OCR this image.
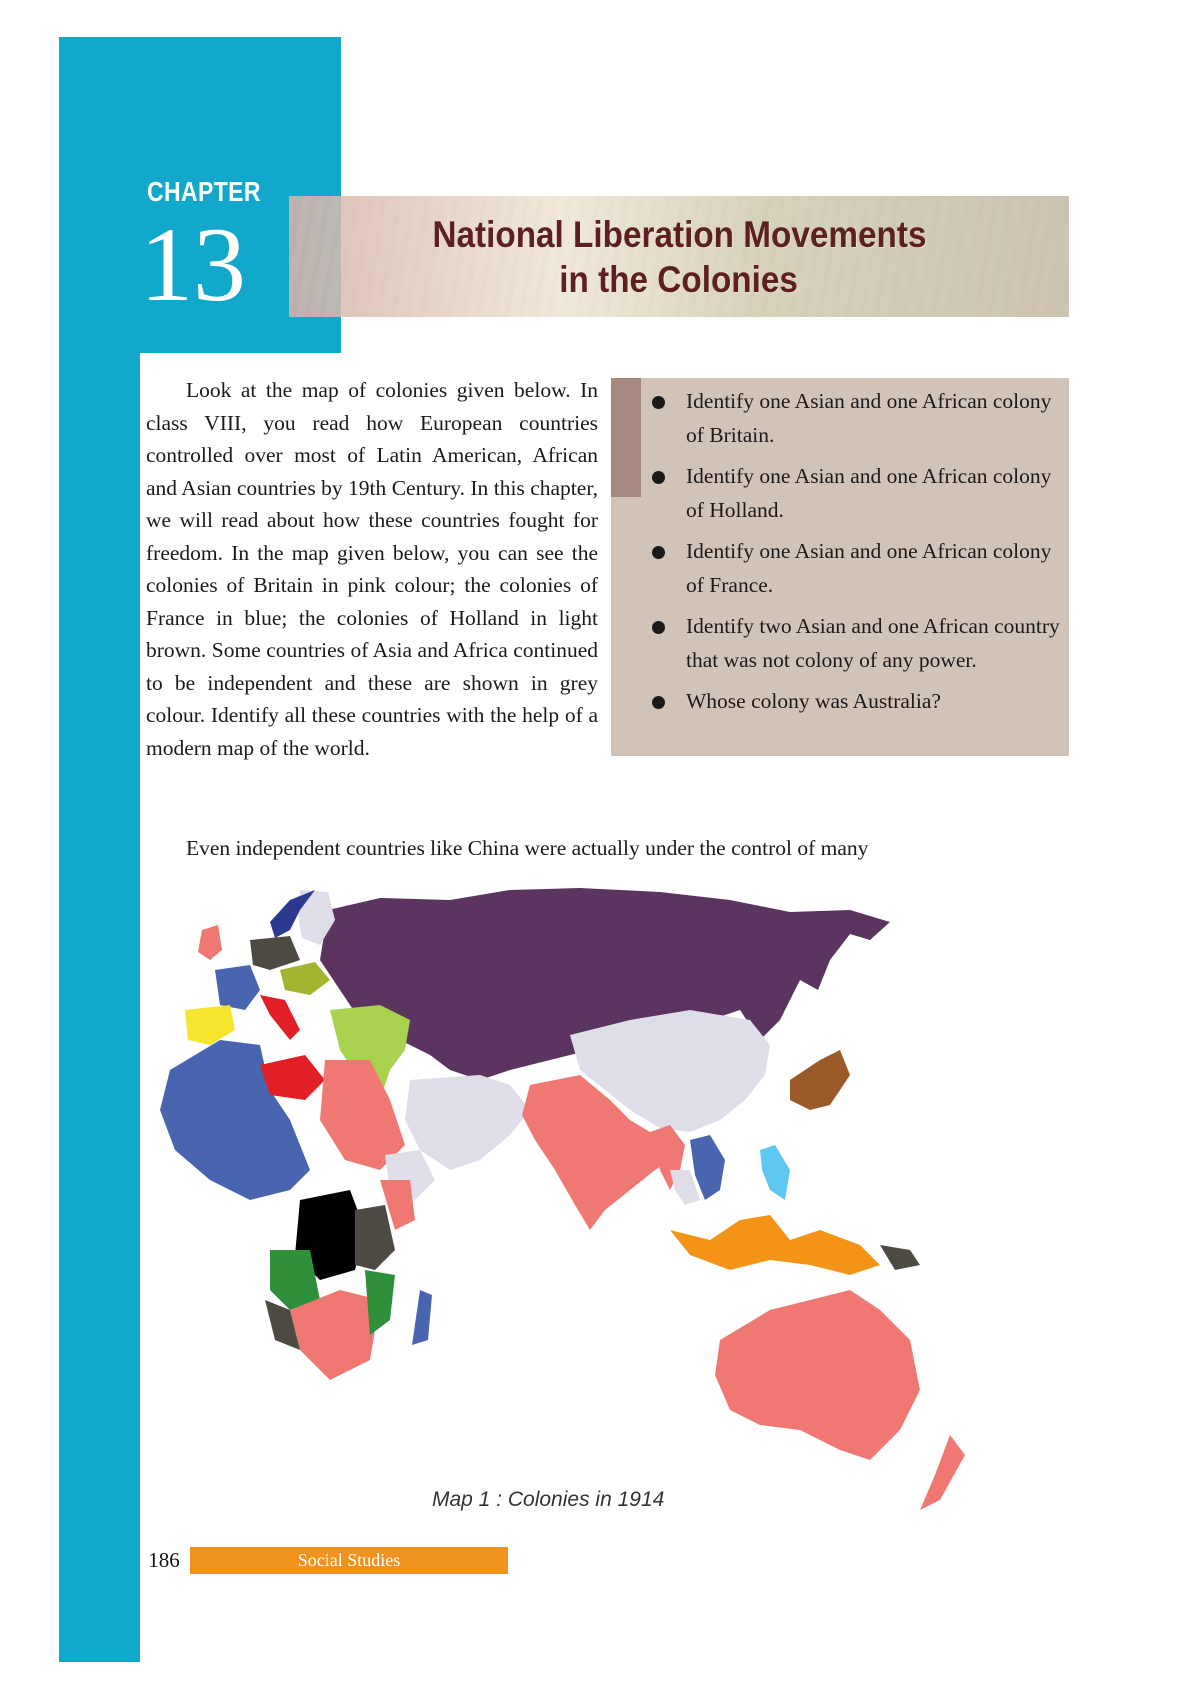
CHAPTER
13	National Liberation Movements
in the Colonies
Look at the map of colonies given below. In class VIII, you read how European countries controlled over most of Latin American, African and Asian countries by 19th Century. In this chapter, we will read about how these countries fought for freedom. In the map given below, you can see the colonies of Britain in pink colour; the colonies of France in blue; the colonies of Holland in light brown. Some countries of Asia and Africa continued to be independent and these are shown in grey colour. Identify all these countries with the help of a modern map of the world.
Identify one Asian and one African colony of Britain.
Identify one Asian and one African colony of Holland.
Identify one Asian and one African colony of France.
Identify two Asian and one African country that was not colony of any power.
Whose colony was Australia?
Even independent countries like China were actually under the control of many
Map 1 : Colonies in 1914
186	Social Studies
